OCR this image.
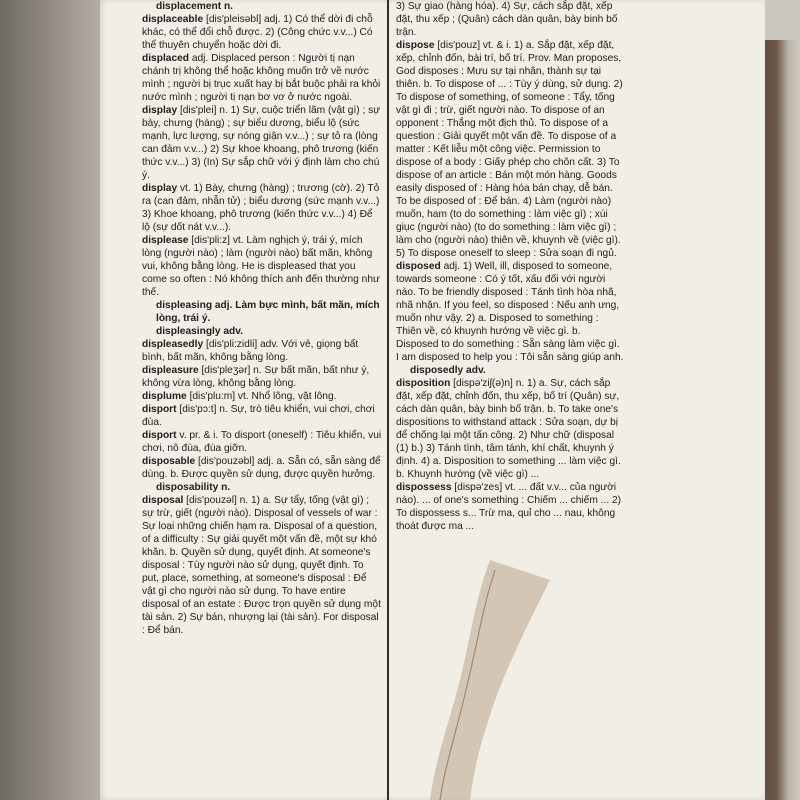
displacement n.

displaceable [dis'pleisəbl] adj. 1) Có thể dời đi chỗ khác, có thể đổi chỗ được. 2) (Công chức v.v...) Có thể thuyên chuyển hoặc dời đi.

displaced adj. Displaced person : Người tị nạn chánh trị không thể hoặc không muốn trở về nước mình ; người bị trục xuất hay bị bắt buộc phải ra khỏi nước mình ; người tị nạn bơ vơ ở nước ngoài.

display [dis'plei] n. 1) Sự, cuộc triển lãm (vật gì) ; sự bày, chưng (hàng) ; sự biểu dương, biểu lộ (sức mạnh, lực lượng, sự nóng giận v.v...) ; sự tỏ ra (lòng can đảm v.v...) 2) Sự khoe khoang, phô trương (kiến thức v.v...) 3) (In) Sự sắp chữ với ý định làm cho chú ý.

display vt. 1) Bày, chưng (hàng) ; trương (cờ). 2) Tỏ ra (can đảm, nhẫn tử) ; biểu dương (sức mạnh v.v...) 3) Khoe khoang, phô trương (kiến thức v.v...) 4) Để lộ (sự dốt nát v.v...).

displease [dis'pli:z] vt. Làm nghịch ý, trái ý, mích lòng (người nào) ; làm (người nào) bất mãn, không vui, không bằng lòng. He is displeased that you come so often : Nó không thích anh đến thường như thế.

displeasing adj. Làm bực mình, bất mãn, mích lòng, trái ý.

displeasingly adv.

displeasedly [dis'pli:zidli] adv. Với vẻ, giọng bất bình, bất mãn, không bằng lòng.

displeasure [dis'pleʒər] n. Sự bất mãn, bất như ý, không vừa lòng, không bằng lòng.

displume [dis'plu:m] vt. Nhổ lông, vặt lông.

disport [dis'pɔ:t] n. Sự, trò tiêu khiển, vui chơi, chơi đùa.

disport v. pr. & i. To disport (oneself) : Tiêu khiển, vui chơi, nô đùa, đùa giỡn.

disposable [dis'pouzəbl] adj. a. Sẵn có, sẵn sàng để dùng. b. Được quyền sử dụng, được quyền hưởng.

disposability n.

disposal [dis'pouzəl] n. 1) a. Sự tẩy, tống (vật gì) ; sự trừ, giết (người nào). Disposal of vessels of war : Sự loại những chiến hạm ra. Disposal of a question, of a difficulty : Sự giải quyết một vấn đề, một sự khó khăn. b. Quyền sử dụng, quyết định. At someone's disposal : Tùy người nào sử dụng, quyết định. To put, place, something, at someone's disposal : Để vật gì cho người nào sử dụng. To have entire disposal of an estate : Được trọn quyền sử dụng một tài sản. 2) Sự bán, nhượng lại (tài sản). For disposal : Để bán.

3) Sự giao (hàng hóa). 4) Sự, cách sắp đặt, xếp đặt, thu xếp ; (Quân) cách dàn quân, bày binh bố trận.

dispose [dis'pouz] vt. & i. 1) a. Sắp đặt, xếp đặt, xếp, chỉnh đốn, bài trí, bố trí. Prov. Man proposes, God disposes : Mưu sự tại nhân, thành sự tại thiên. b. To dispose of ... : Tùy ý dùng, sử dụng. 2) To dispose of something, of someone : Tẩy, tống vật gì đi ; trừ, giết người nào. To dispose of an opponent : Thắng một địch thủ. To dispose of a question : Giải quyết một vấn đề. To dispose of a matter : Kết liễu một công việc. Permission to dispose of a body : Giấy phép cho chôn cất. 3) To dispose of an article : Bán một món hàng. Goods easily disposed of : Hàng hóa bán chạy, dễ bán. To be disposed of : Để bán. 4) Làm (người nào) muốn, ham (to do something : làm việc gì) ; xúi giục (người nào) (to do something : làm việc gì) ; làm cho (người nào) thiên về, khuynh về (việc gì). 5) To dispose oneself to sleep : Sửa soạn đi ngủ.

disposed adj. 1) Well, ill, disposed to someone, towards someone : Có ý tốt, xấu đối với người nào. To be friendly disposed : Tánh tình hòa nhã, nhã nhặn. If you feel, so disposed : Nếu anh ưng, muốn như vậy. 2) a. Disposed to something : Thiên về, có khuynh hướng về việc gì. b. Disposed to do something : Sẵn sàng làm việc gì. I am disposed to help you : Tôi sẵn sàng giúp anh.

disposedly adv.

disposition [dispə'ziʃ(ə)n] n. 1) a. Sự, cách sắp đặt, xếp đặt, chỉnh đốn, thu xếp, bố trí (Quân) sự, cách dàn quân, bày binh bố trận. b. To take one's dispositions to withstand attack : Sửa soạn, dự bị để chống lại một tấn công. 2) Như chữ (disposal (1) b.) 3) Tánh tình, tâm tánh, khí chất, khuynh ý định. 4) a. Disposition to something ... làm việc gì. b. Khuynh hướng (về việc gì) ...

dispossess [dispə'zes] vt. ... đất v.v... của người nào). ... of one's something : Chiếm ... chiếm ... 2) To dispossess s... Trừ ma, quỉ cho ... nau, không thoát được ma ...
